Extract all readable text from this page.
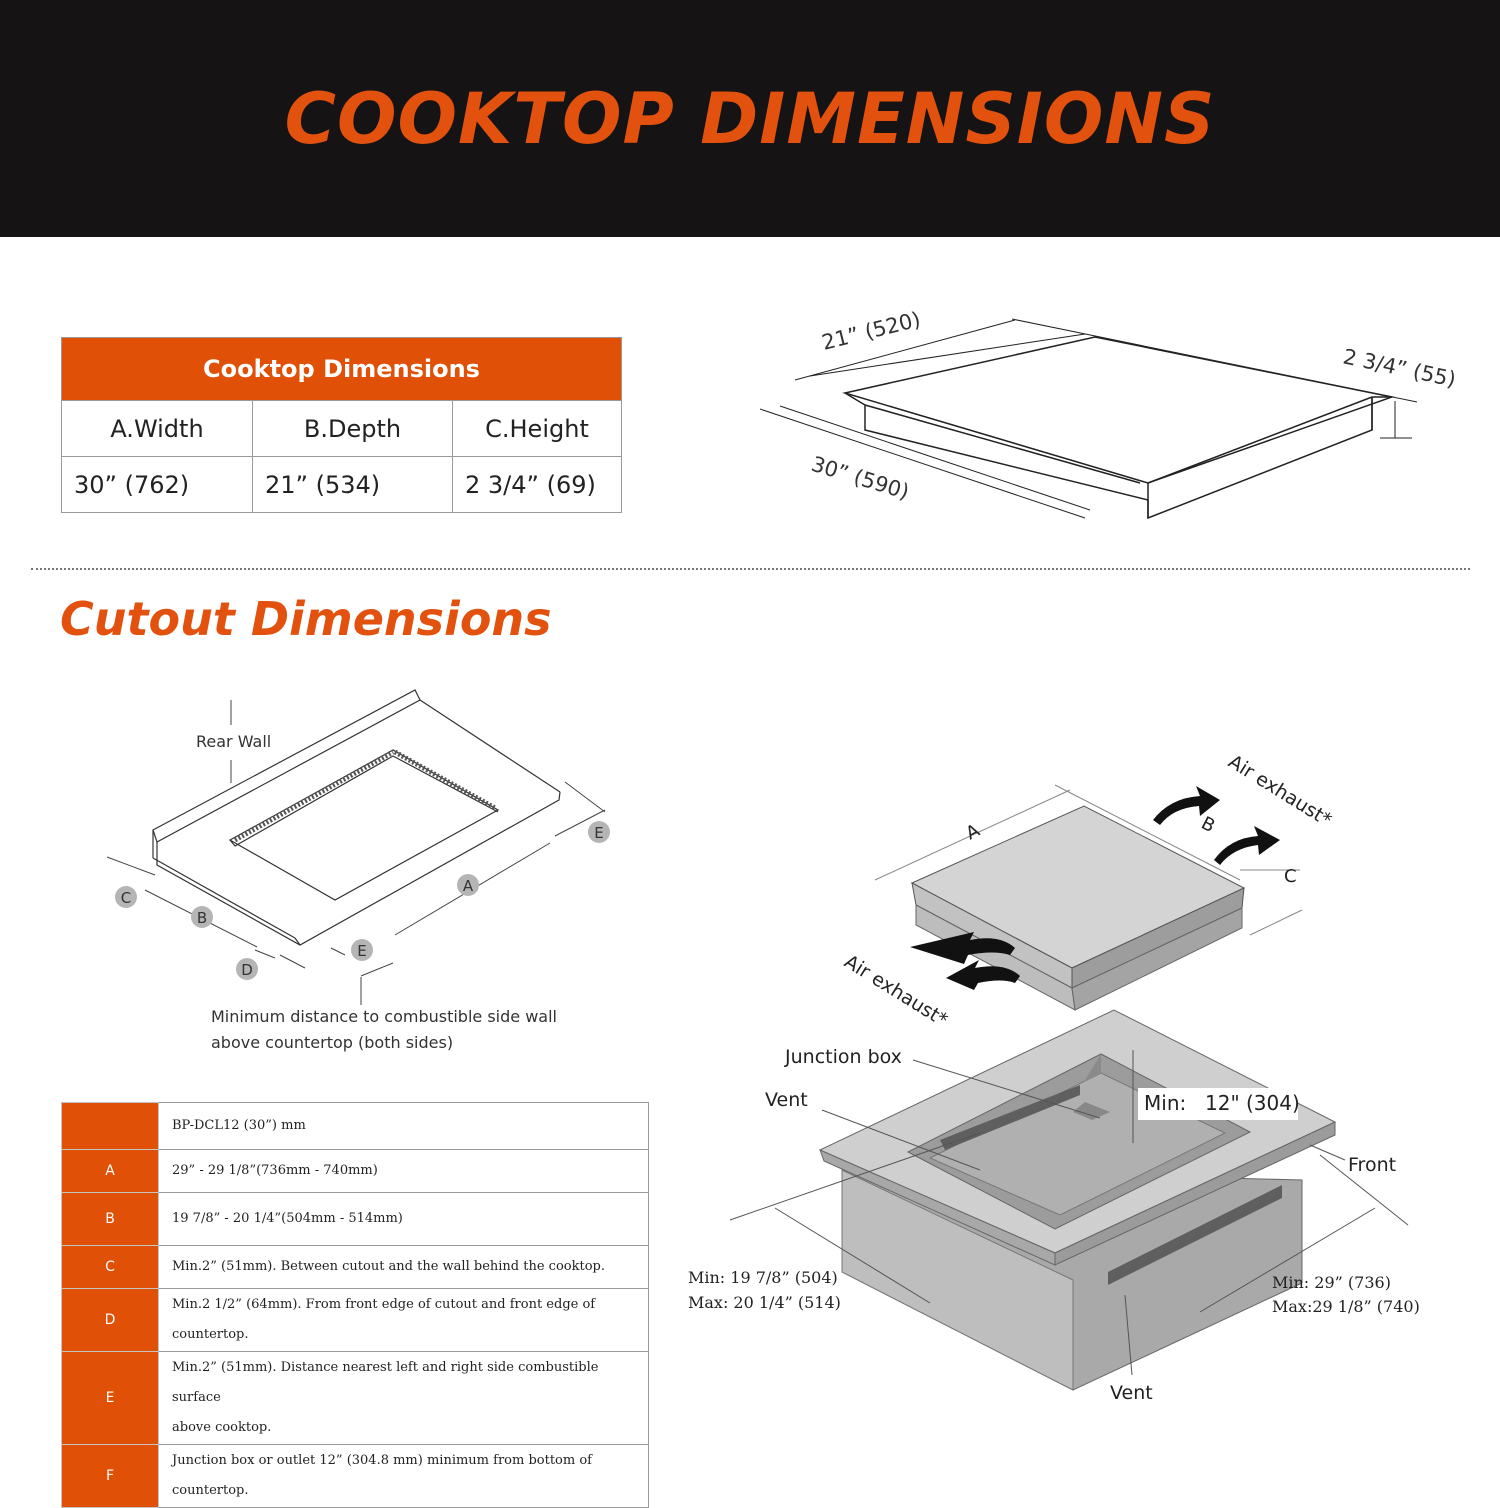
COOKTOP DIMENSIONS
Cooktop Dimensions		
A.Width	B.Depth	C.Height
30” (762)	21” (534)	2 3/4” (69)
21” (520)
2 3/4” (55)
30” (590)
Cutout Dimensions
Rear Wall
C
B
D
E
A
E
Minimum distance to combustible side wall
above countertop (both sides)
A	B
C
Air exhaust*
Air exhaust*
Junction box
Vent	Min: 12" (304)
Front
Vent
Min: 19 7/8” (504)
Max: 20 1/4” (514)
Min: 29” (736)
Max:29 1/8” (740)
	BP-DCL12 (30”) mm
A	29” - 29 1/8”(736mm - 740mm)
B	19 7/8” - 20 1/4”(504mm - 514mm)
C	Min.2” (51mm). Between cutout and the wall behind the cooktop.
D	Min.2 1/2” (64mm). From front edge of cutout and front edge of countertop.
E	Min.2” (51mm). Distance nearest left and right side combustible surface
above cooktop.

F	Junction box or outlet 12” (304.8 mm) minimum from bottom of countertop.
